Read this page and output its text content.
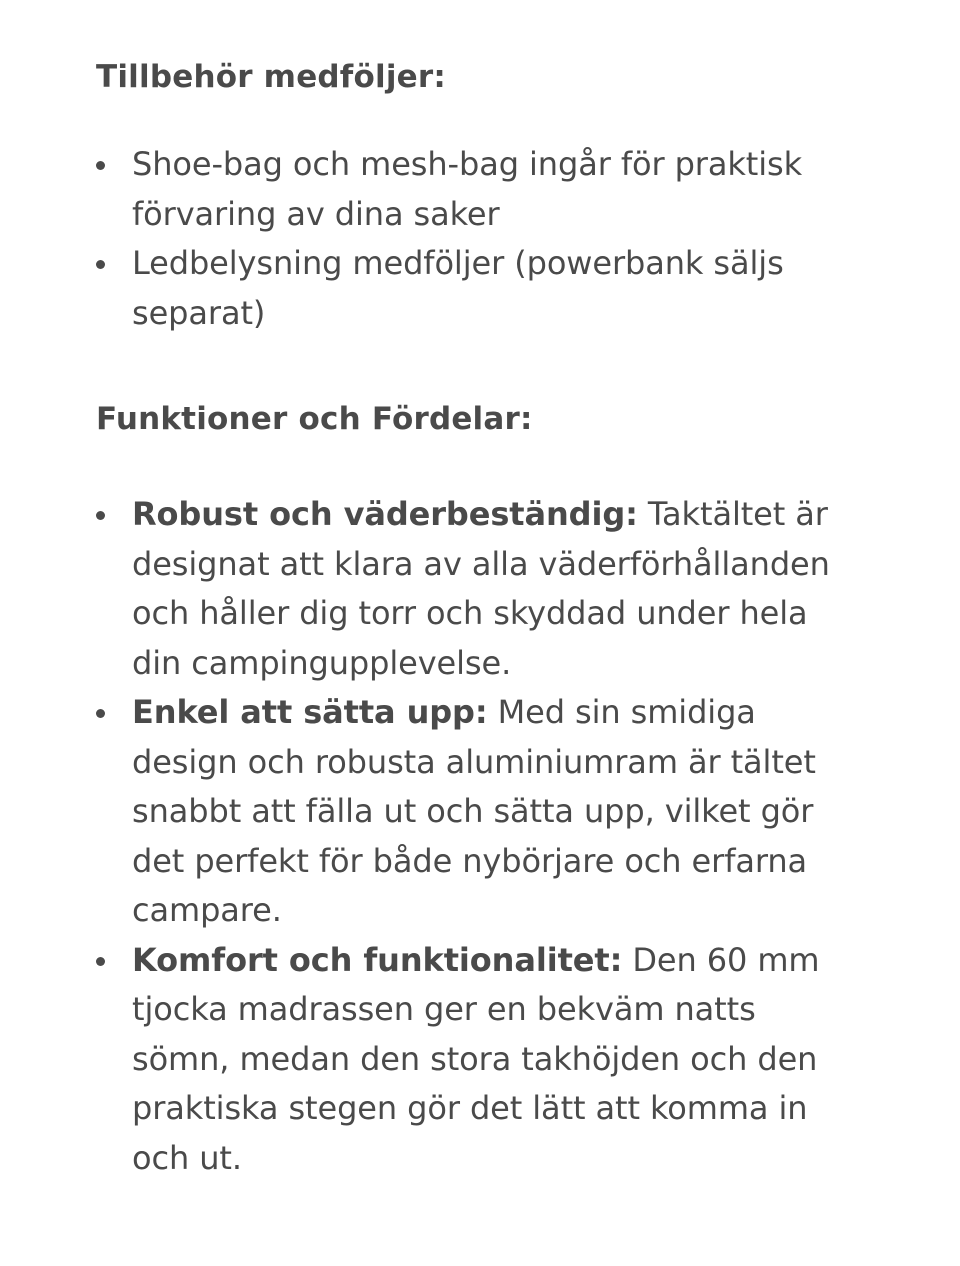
Tillbehör medföljer:
Shoe-bag och mesh-bag ingår för praktisk förvaring av dina saker
Ledbelysning medföljer (powerbank säljs separat)
Funktioner och Fördelar:
Robust och väderbeständig: Taktältet är designat att klara av alla väderförhållanden och håller dig torr och skyddad under hela din campingupplevelse.
Enkel att sätta upp: Med sin smidiga design och robusta aluminiumram är tältet snabbt att fälla ut och sätta upp, vilket gör det perfekt för både nybörjare och erfarna campare.
Komfort och funktionalitet: Den 60 mm tjocka madrassen ger en bekväm natts sömn, medan den stora takhöjden och den praktiska stegen gör det lätt att komma in och ut.
